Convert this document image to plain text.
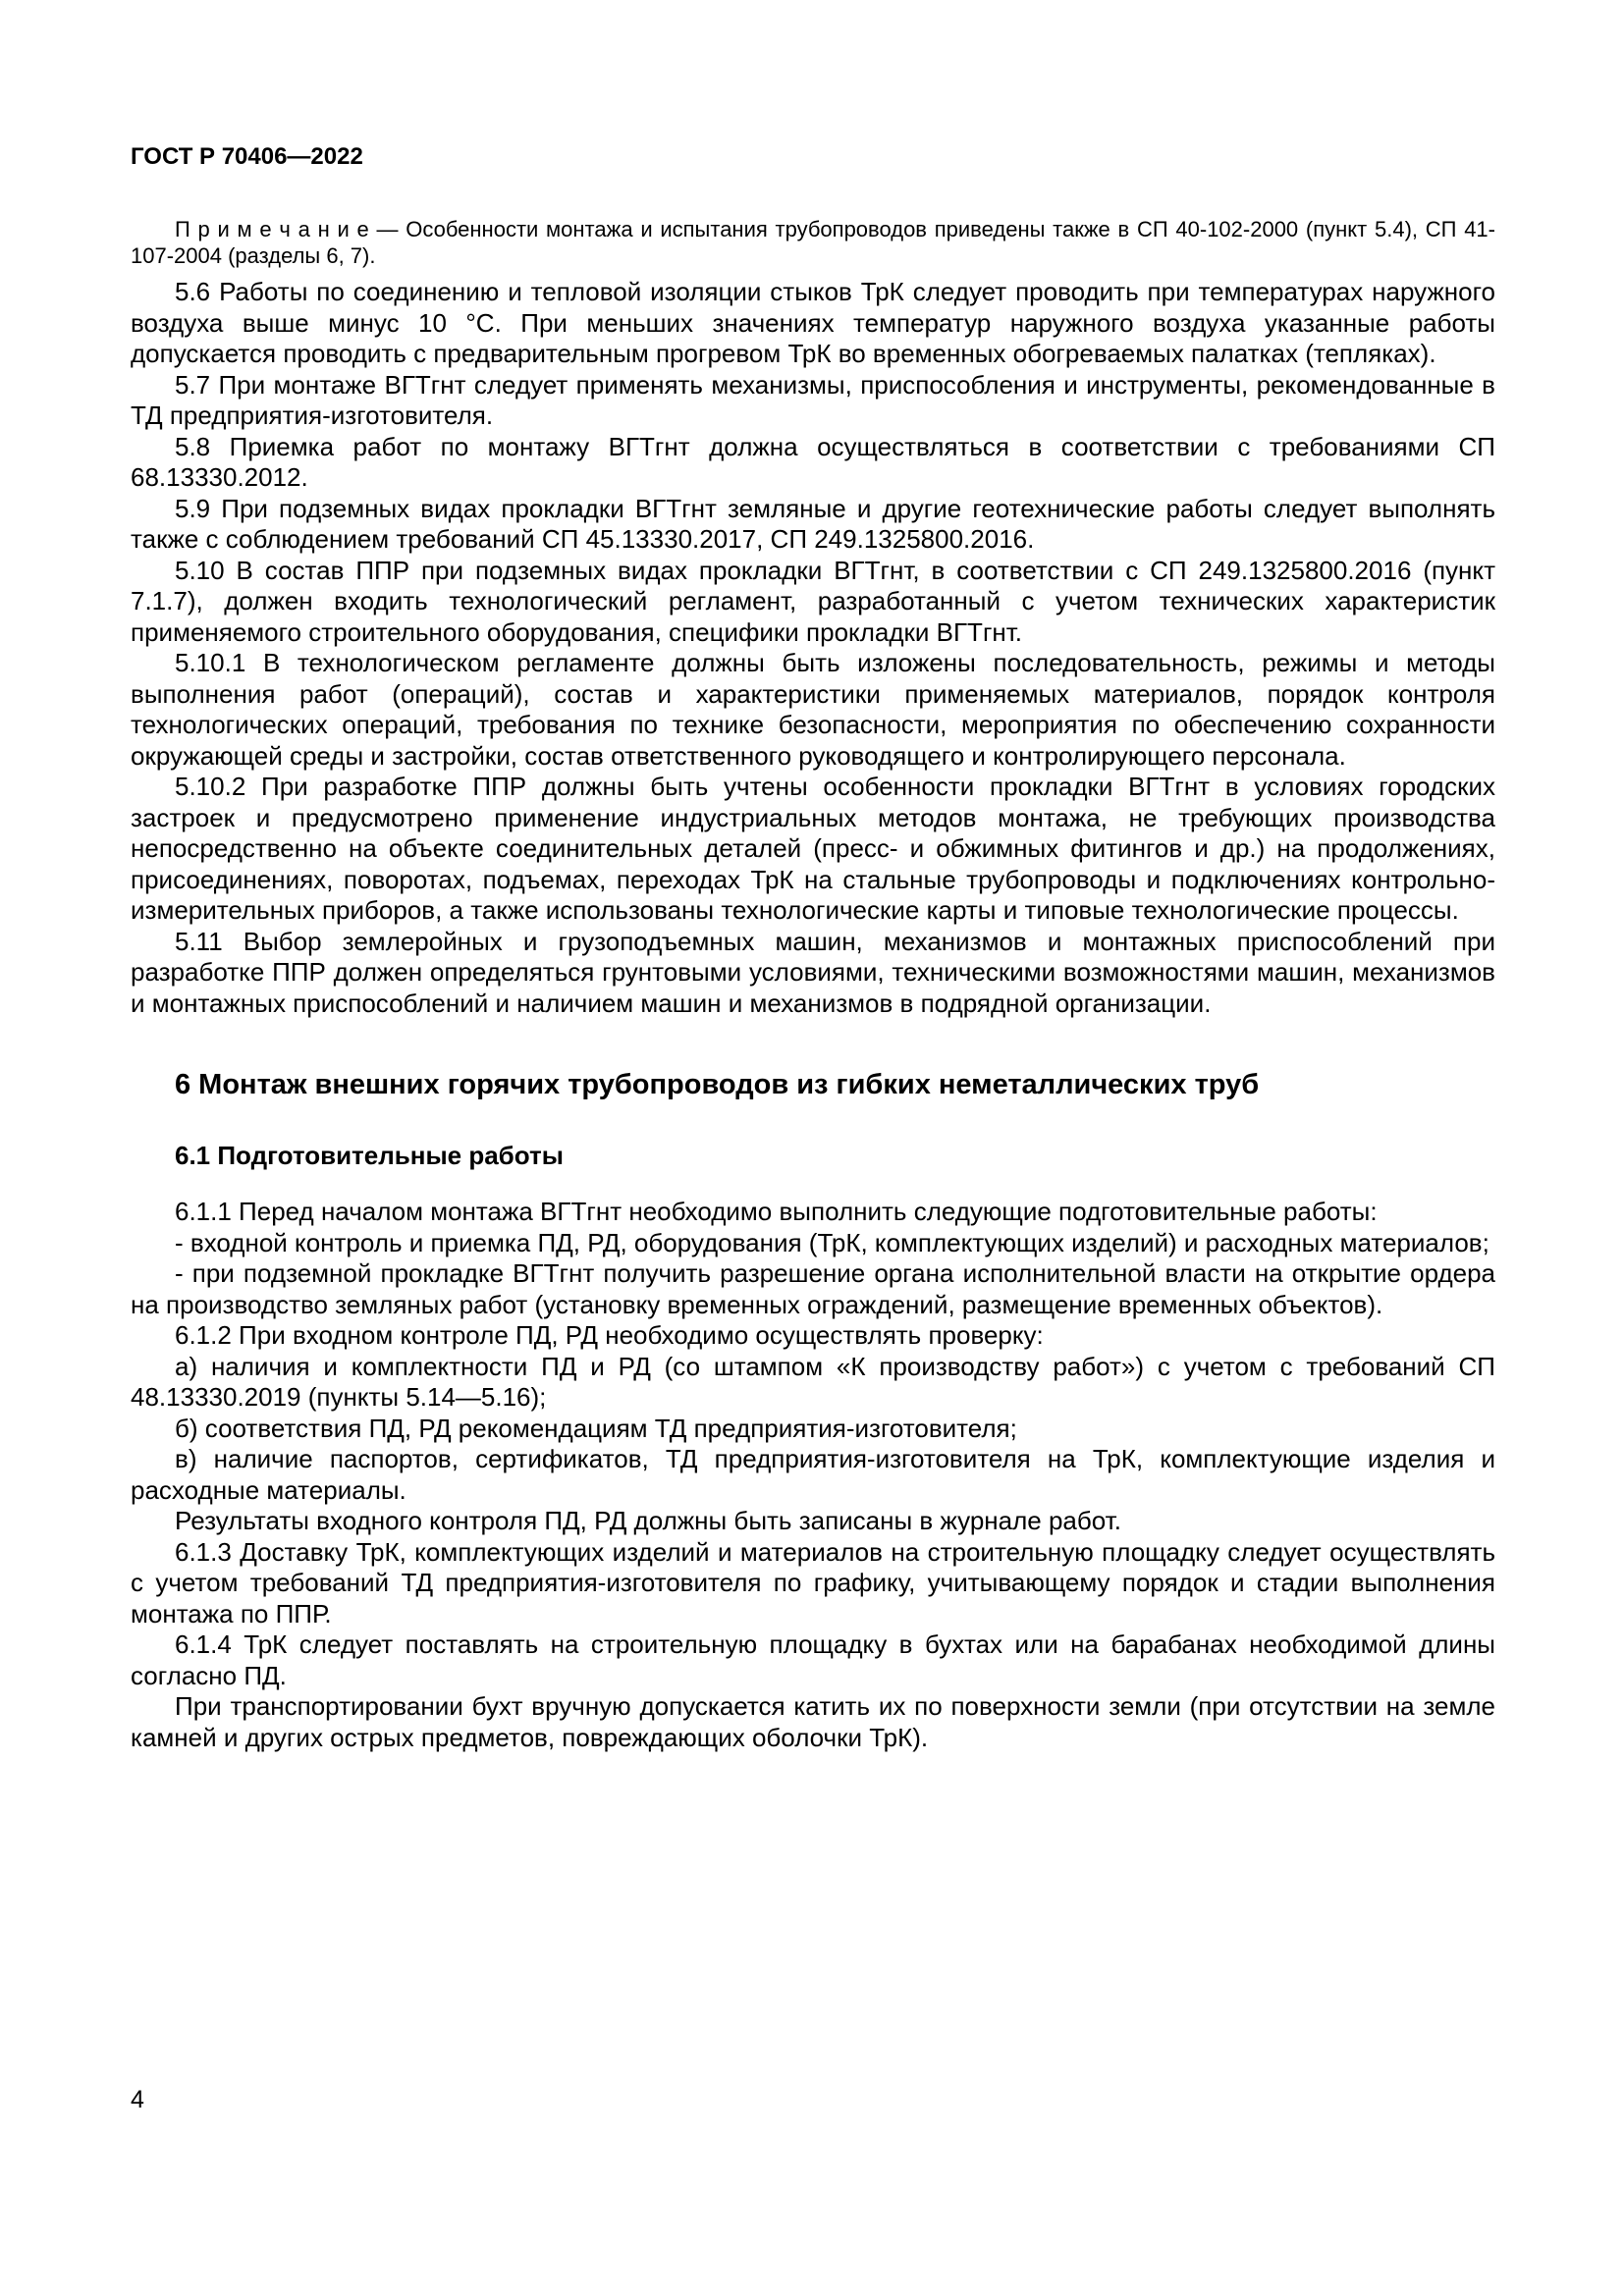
ГОСТ Р 70406—2022

П р и м е ч а н и е — Особенности монтажа и испытания трубопроводов приведены также в СП 40-102-2000 (пункт 5.4), СП 41-107-2004 (разделы 6, 7).

5.6 Работы по соединению и тепловой изоляции стыков ТрК следует проводить при температурах наружного воздуха выше минус 10 °С. При меньших значениях температур наружного воздуха указанные работы допускается проводить с предварительным прогревом ТрК во временных обогреваемых палатках (тепляках).

5.7 При монтаже ВГТгнт следует применять механизмы, приспособления и инструменты, рекомендованные в ТД предприятия-изготовителя.

5.8 Приемка работ по монтажу ВГТгнт должна осуществляться в соответствии с требованиями СП 68.13330.2012.

5.9 При подземных видах прокладки ВГТгнт земляные и другие геотехнические работы следует выполнять также с соблюдением требований СП 45.13330.2017, СП 249.1325800.2016.

5.10 В состав ППР при подземных видах прокладки ВГТгнт, в соответствии с СП 249.1325800.2016 (пункт 7.1.7), должен входить технологический регламент, разработанный с учетом технических характеристик применяемого строительного оборудования, специфики прокладки ВГТгнт.

5.10.1 В технологическом регламенте должны быть изложены последовательность, режимы и методы выполнения работ (операций), состав и характеристики применяемых материалов, порядок контроля технологических операций, требования по технике безопасности, мероприятия по обеспечению сохранности окружающей среды и застройки, состав ответственного руководящего и контролирующего персонала.

5.10.2 При разработке ППР должны быть учтены особенности прокладки ВГТгнт в условиях городских застроек и предусмотрено применение индустриальных методов монтажа, не требующих производства непосредственно на объекте соединительных деталей (пресс- и обжимных фитингов и др.) на продолжениях, присоединениях, поворотах, подъемах, переходах ТрК на стальные трубопроводы и подключениях контрольно-измерительных приборов, а также использованы технологические карты и типовые технологические процессы.

5.11 Выбор землеройных и грузоподъемных машин, механизмов и монтажных приспособлений при разработке ППР должен определяться грунтовыми условиями, техническими возможностями машин, механизмов и монтажных приспособлений и наличием машин и механизмов в подрядной организации.

6 Монтаж внешних горячих трубопроводов из гибких неметаллических труб
6.1 Подготовительные работы

6.1.1 Перед началом монтажа ВГТгнт необходимо выполнить следующие подготовительные работы:

- входной контроль и приемка ПД, РД, оборудования (ТрК, комплектующих изделий) и расходных материалов;

- при подземной прокладке ВГТгнт получить разрешение органа исполнительной власти на открытие ордера на производство земляных работ (установку временных ограждений, размещение временных объектов).

6.1.2 При входном контроле ПД, РД необходимо осуществлять проверку:

а) наличия и комплектности ПД и РД (со штампом «К производству работ») с учетом с требований СП 48.13330.2019 (пункты 5.14—5.16);

б) соответствия ПД, РД рекомендациям ТД предприятия-изготовителя;

в) наличие паспортов, сертификатов, ТД предприятия-изготовителя на ТрК, комплектующие изделия и расходные материалы.

Результаты входного контроля ПД, РД должны быть записаны в журнале работ.

6.1.3 Доставку ТрК, комплектующих изделий и материалов на строительную площадку следует осуществлять с учетом требований ТД предприятия-изготовителя по графику, учитывающему порядок и стадии выполнения монтажа по ППР.

6.1.4 ТрК следует поставлять на строительную площадку в бухтах или на барабанах необходимой длины согласно ПД.

При транспортировании бухт вручную допускается катить их по поверхности земли (при отсутствии на земле камней и других острых предметов, повреждающих оболочки ТрК).

4
